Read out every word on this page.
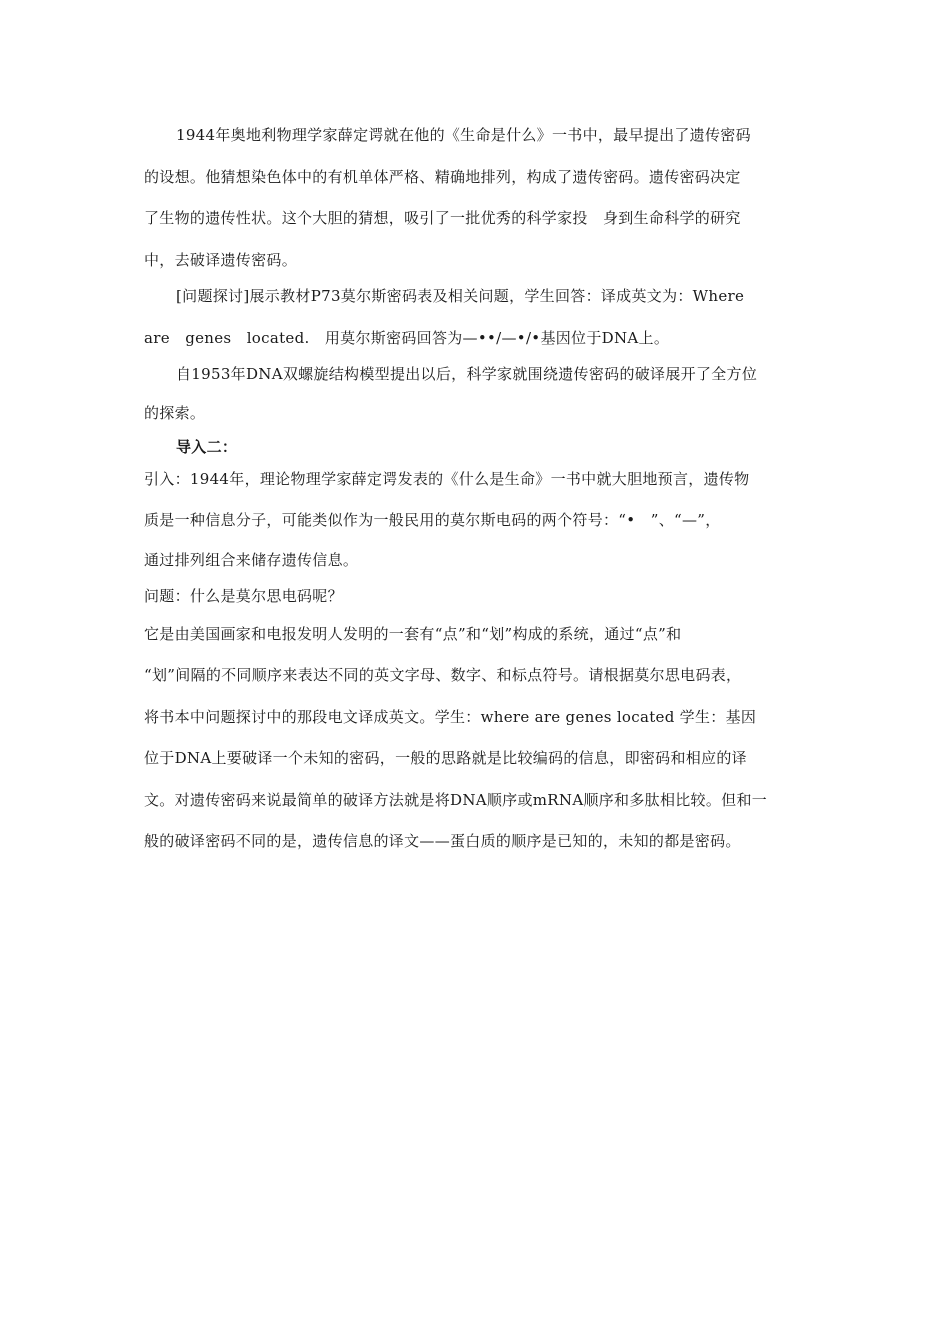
1944年奥地利物理学家薛定谔就在他的《生命是什么》一书中，最早提出了遗传密码
的设想。他猜想染色体中的有机单体严格、精确地排列，构成了遗传密码。遗传密码决定
了生物的遗传性状。这个大胆的猜想，吸引了一批优秀的科学家投　身到生命科学的研究
中，去破译遗传密码。
[问题探讨]展示教材P73莫尔斯密码表及相关问题，学生回答：译成英文为：Where
are　genes　located.　用莫尔斯密码回答为—••/—•/•基因位于DNA上。
自1953年DNA双螺旋结构模型提出以后，科学家就围绕遗传密码的破译展开了全方位
的探索。
导入二：
引入：1944年，理论物理学家薛定谔发表的《什么是生命》一书中就大胆地预言，遗传物
质是一种信息分子，可能类似作为一般民用的莫尔斯电码的两个符号：“•　”、“—”，
通过排列组合来储存遗传信息。
问题：什么是莫尔思电码呢？
它是由美国画家和电报发明人发明的一套有“点”和“划”构成的系统，通过“点”和
“划”间隔的不同顺序来表达不同的英文字母、数字、和标点符号。请根据莫尔思电码表，
将书本中问题探讨中的那段电文译成英文。学生：where are genes located 学生：基因
位于DNA上要破译一个未知的密码，一般的思路就是比较编码的信息，即密码和相应的译
文。对遗传密码来说最简单的破译方法就是将DNA顺序或mRNA顺序和多肽相比较。但和一
般的破译密码不同的是，遗传信息的译文——蛋白质的顺序是已知的，未知的都是密码。
